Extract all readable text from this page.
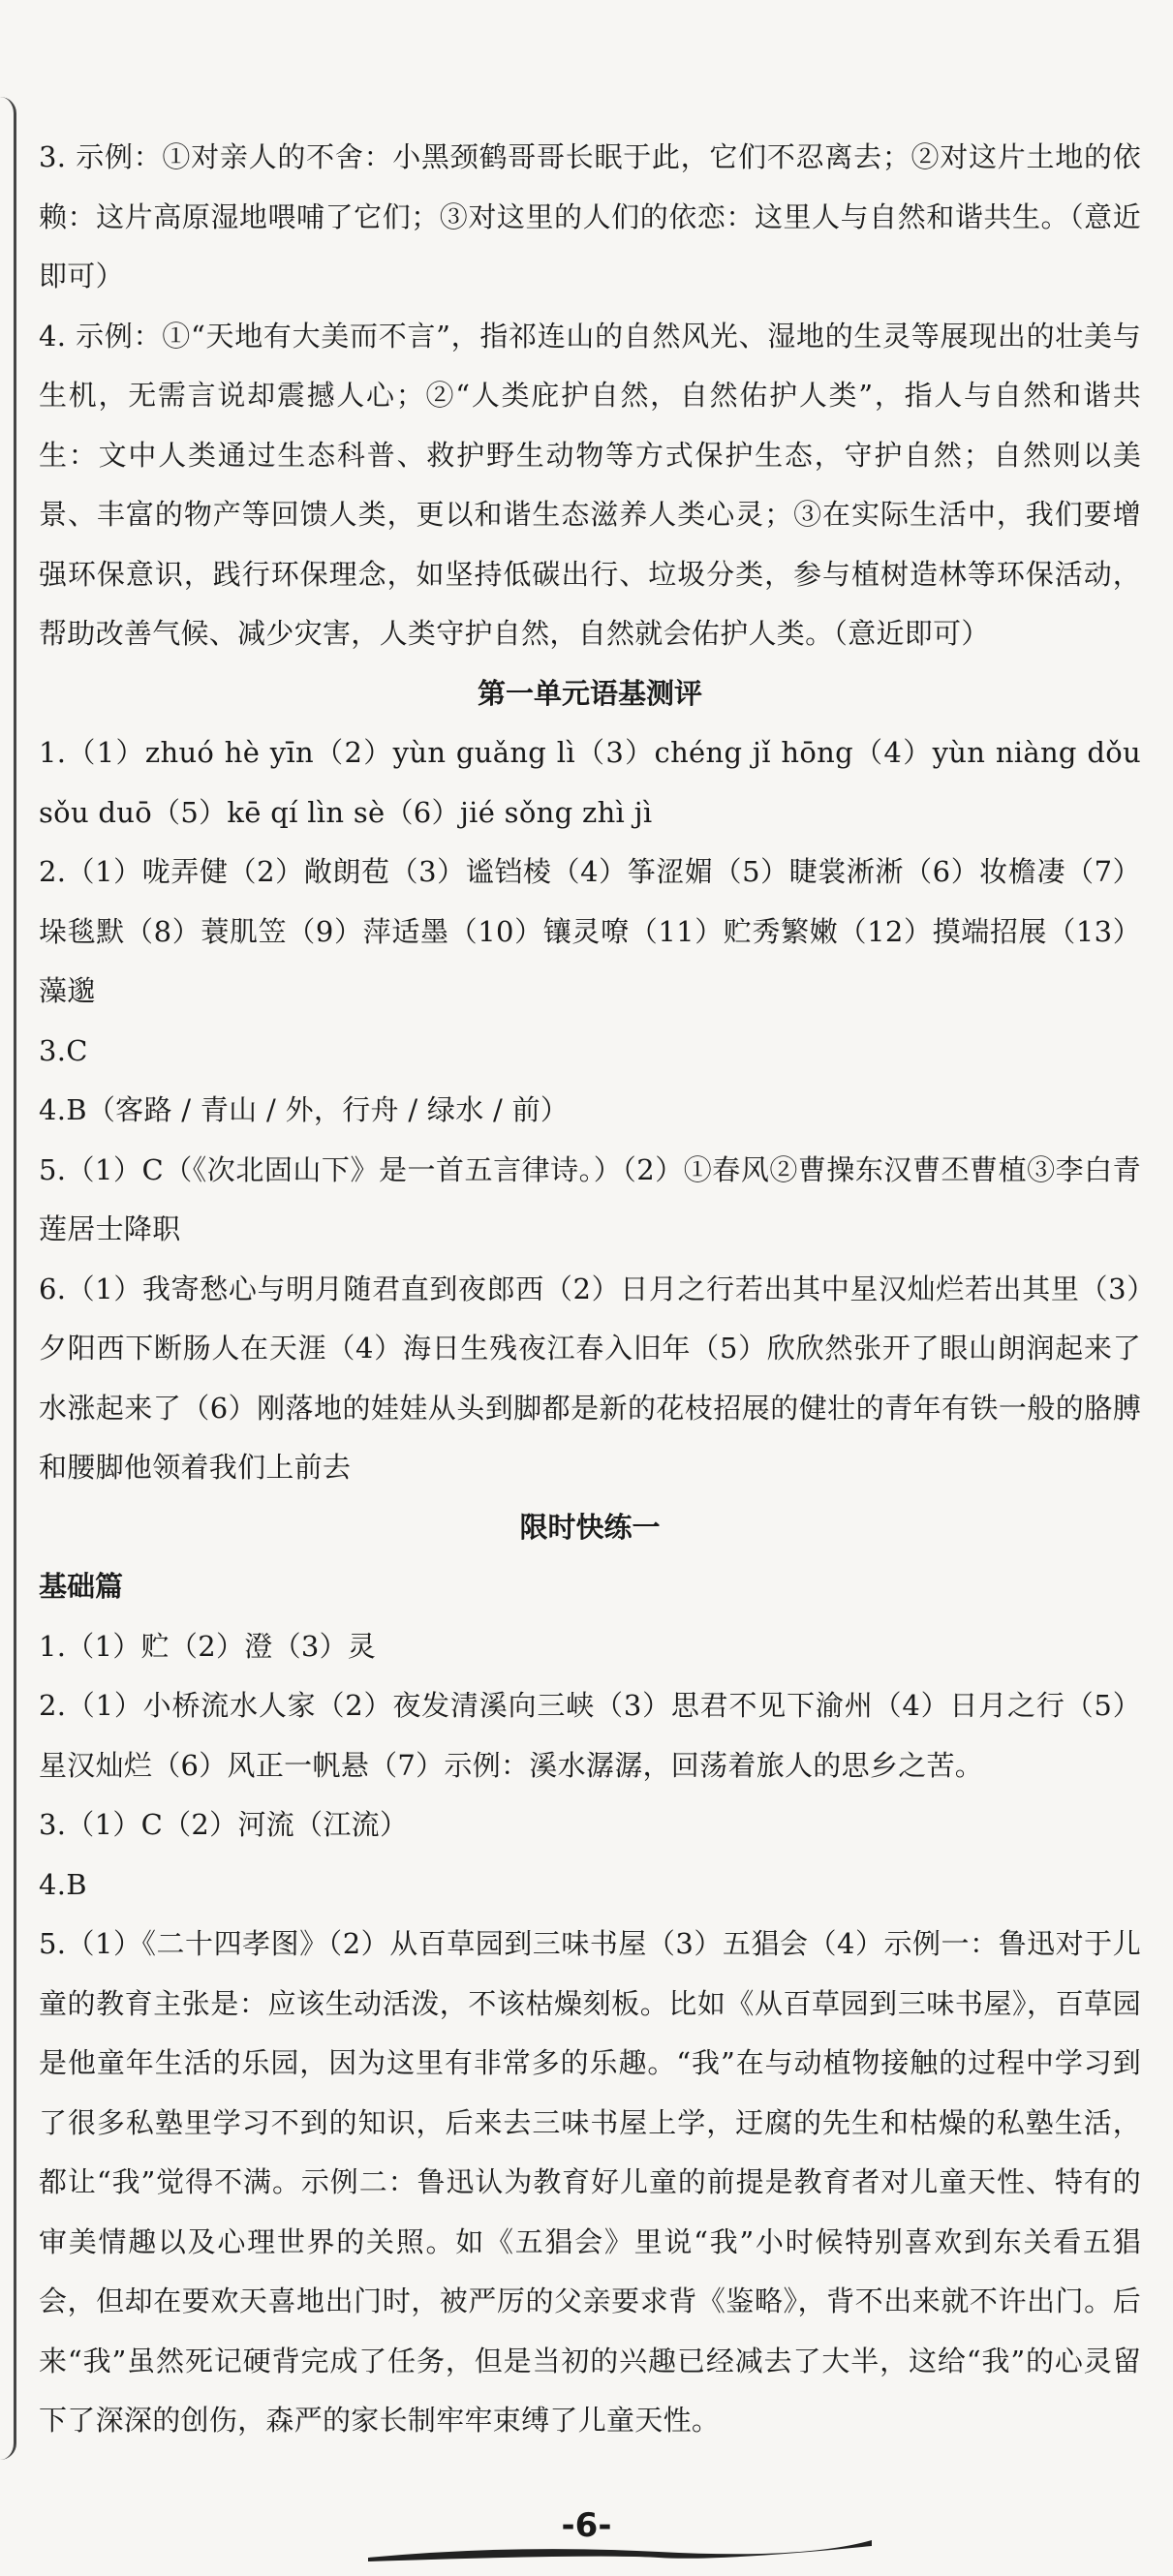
3. 示例：①对亲人的不舍：小黑颈鹤哥哥长眠于此，它们不忍离去；②对这片土地的依赖：这片高原湿地喂哺了它们；③对这里的人们的依恋：这里人与自然和谐共生。（意近即可）

4. 示例：①“天地有大美而不言”，指祁连山的自然风光、湿地的生灵等展现出的壮美与生机，无需言说却震撼人心；②“人类庇护自然，自然佑护人类”，指人与自然和谐共生：文中人类通过生态科普、救护野生动物等方式保护生态，守护自然；自然则以美景、丰富的物产等回馈人类，更以和谐生态滋养人类心灵；③在实际生活中，我们要增强环保意识，践行环保理念，如坚持低碳出行、垃圾分类，参与植树造林等环保活动，帮助改善气候、减少灾害，人类守护自然，自然就会佑护人类。（意近即可）

第一单元语基测评

1.（1）zhuó hè yīn（2）yùn guǎng lì（3）chéng jǐ hōng（4）yùn niàng dǒu sǒu duō（5）kē qí lìn sè（6）jié sǒng zhì jì

2.（1）咙弄健（2）敞朗苞（3）谧铛棱（4）筝涩媚（5）睫裳淅淅（6）妆檐凄（7）垛毯默（8）蓑肌笠（9）萍适墨（10）镶灵嘹（11）贮秀繁嫩（12）摸端招展（13）藻邈

3.C

4.B（客路 / 青山 / 外，行舟 / 绿水 / 前）

5.（1）C（《次北固山下》是一首五言律诗。）（2）①春风②曹操东汉曹丕曹植③李白青莲居士降职

6.（1）我寄愁心与明月随君直到夜郎西（2）日月之行若出其中星汉灿烂若出其里（3）夕阳西下断肠人在天涯（4）海日生残夜江春入旧年（5）欣欣然张开了眼山朗润起来了水涨起来了（6）刚落地的娃娃从头到脚都是新的花枝招展的健壮的青年有铁一般的胳膊和腰脚他领着我们上前去

限时快练一

基础篇

1.（1）贮（2）澄（3）灵

2.（1）小桥流水人家（2）夜发清溪向三峡（3）思君不见下渝州（4）日月之行（5）星汉灿烂（6）风正一帆悬（7）示例：溪水潺潺，回荡着旅人的思乡之苦。

3.（1）C（2）河流（江流）

4.B

5.（1）《二十四孝图》（2）从百草园到三味书屋（3）五猖会（4）示例一：鲁迅对于儿童的教育主张是：应该生动活泼，不该枯燥刻板。比如《从百草园到三味书屋》，百草园是他童年生活的乐园，因为这里有非常多的乐趣。“我”在与动植物接触的过程中学习到了很多私塾里学习不到的知识，后来去三味书屋上学，迂腐的先生和枯燥的私塾生活，都让“我”觉得不满。示例二：鲁迅认为教育好儿童的前提是教育者对儿童天性、特有的审美情趣以及心理世界的关照。如《五猖会》里说“我”小时候特别喜欢到东关看五猖会，但却在要欢天喜地出门时，被严厉的父亲要求背《鉴略》，背不出来就不许出门。后来“我”虽然死记硬背完成了任务，但是当初的兴趣已经减去了大半，这给“我”的心灵留下了深深的创伤，森严的家长制牢牢束缚了儿童天性。

-6-
